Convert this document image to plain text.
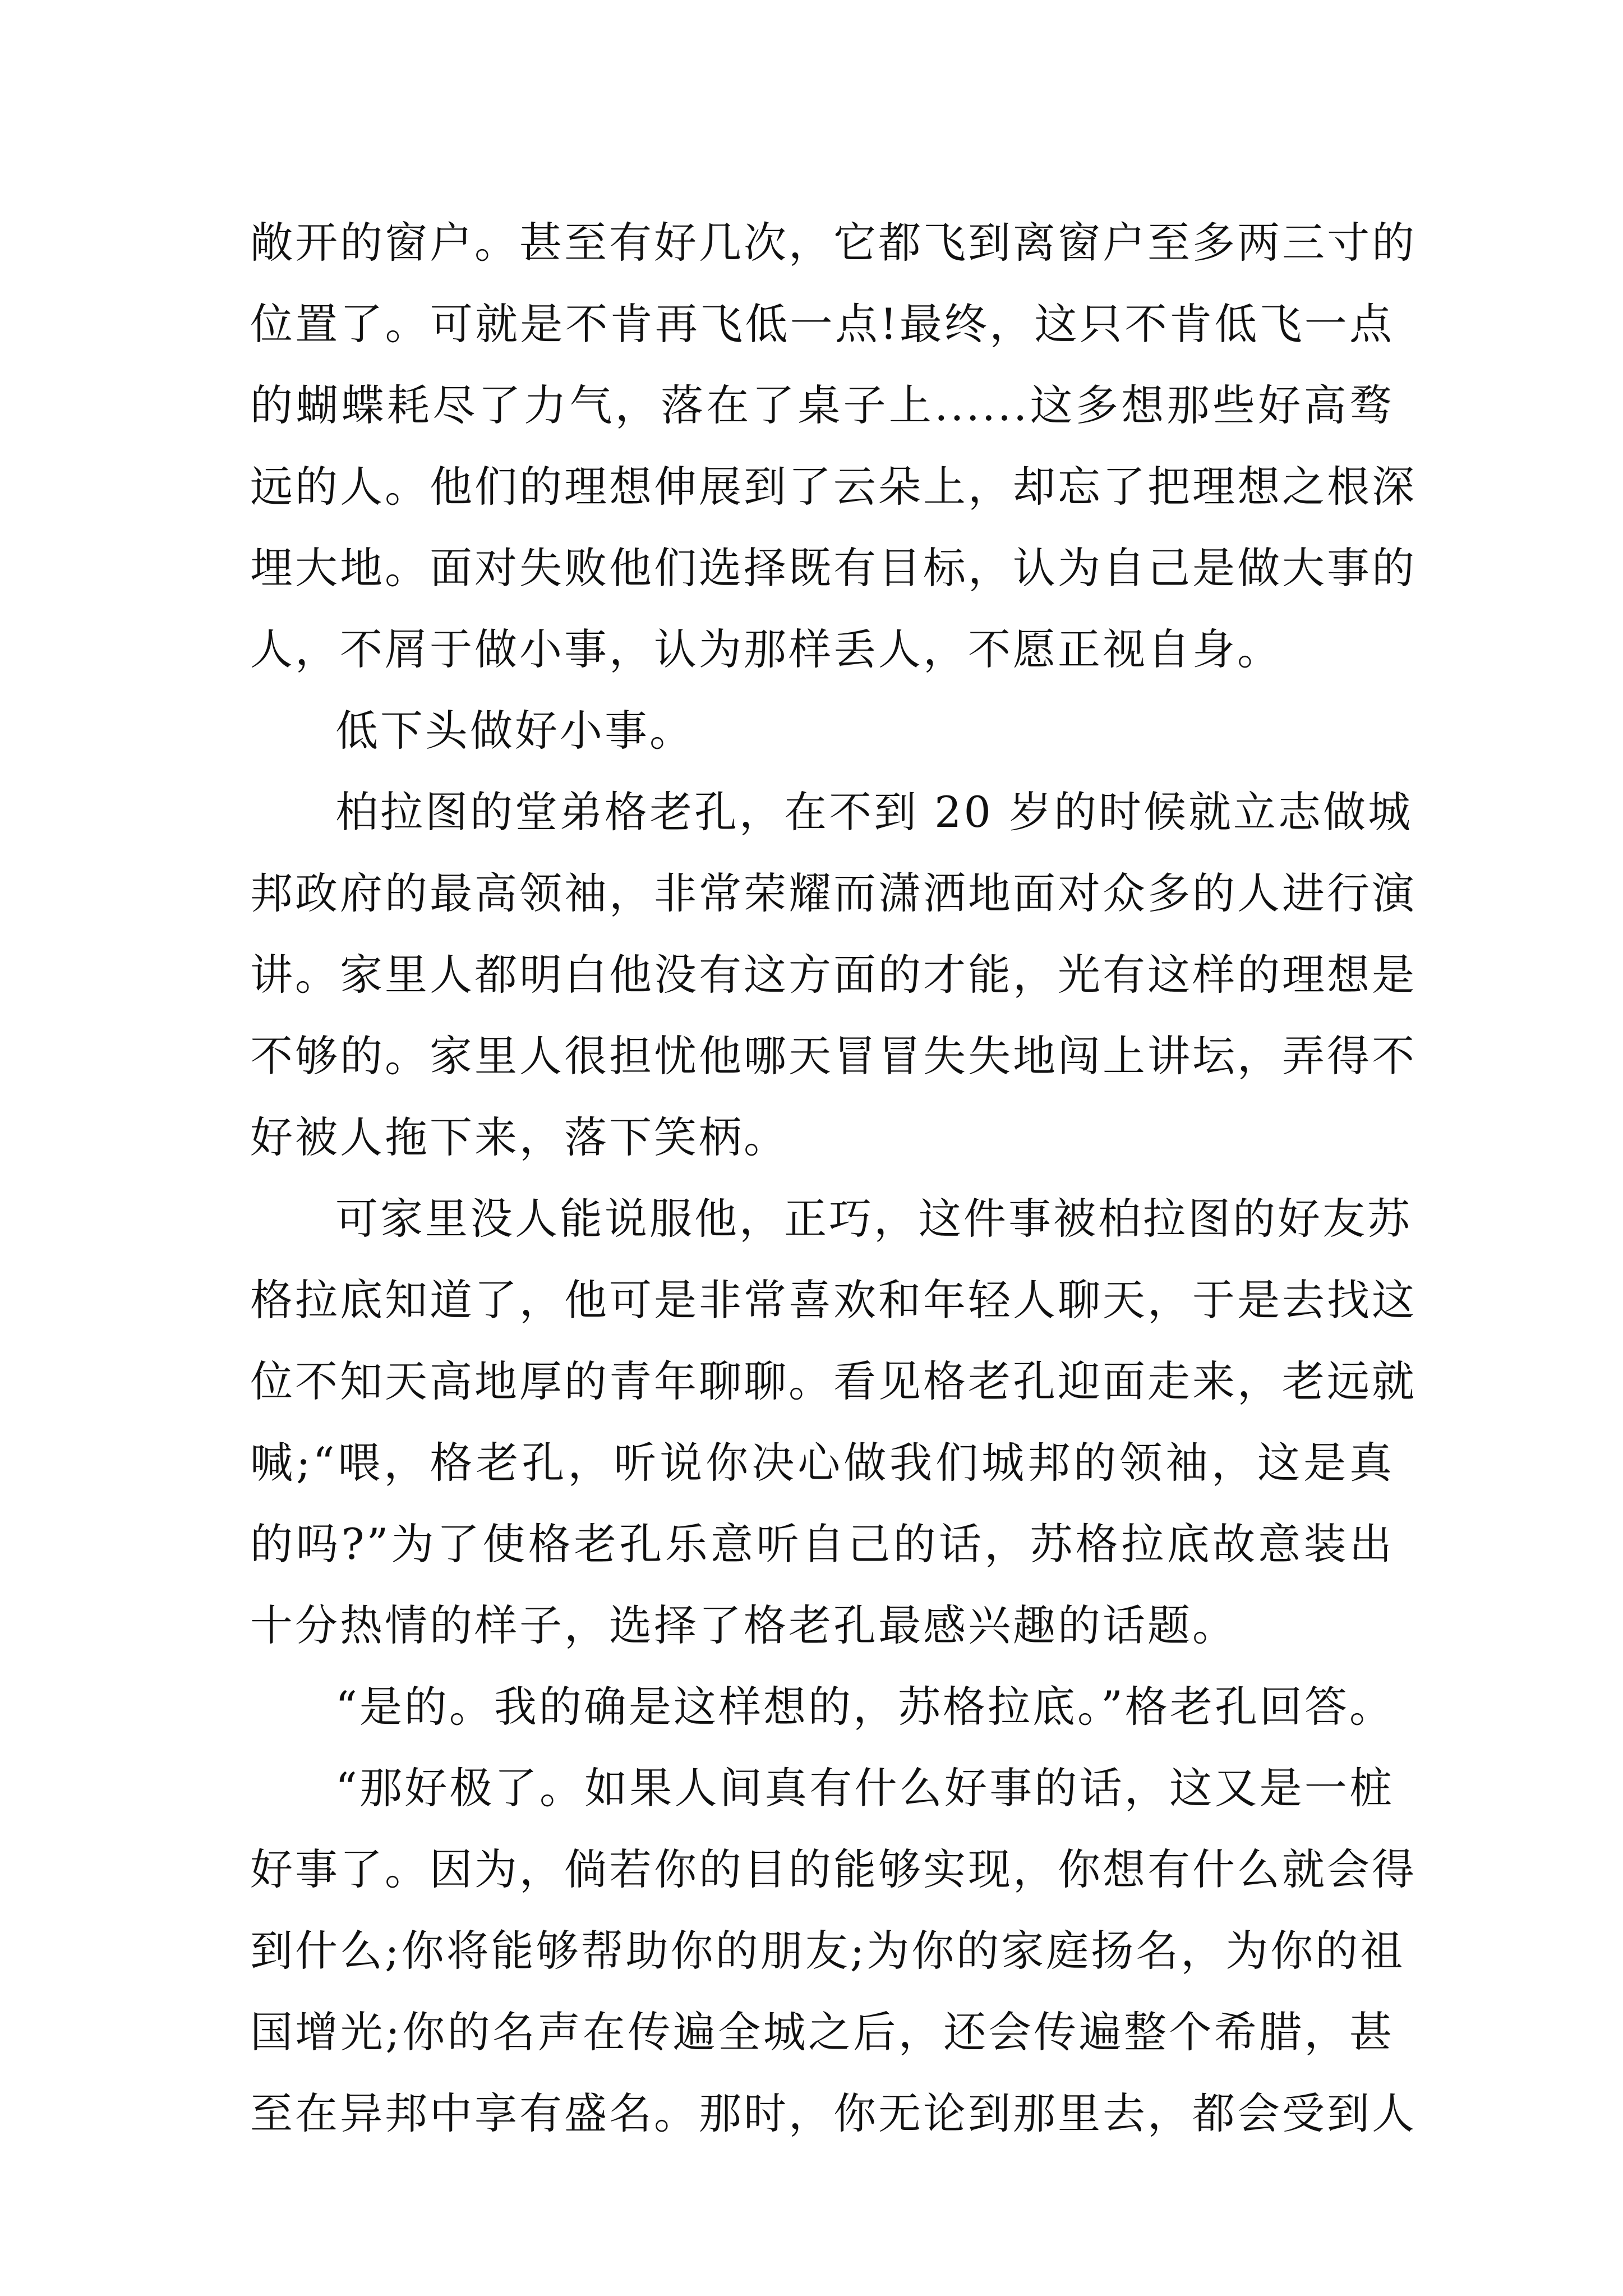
敞开的窗户。甚至有好几次，它都飞到离窗户至多两三寸的
位置了。可就是不肯再飞低一点!最终，这只不肯低飞一点
的蝴蝶耗尽了力气，落在了桌子上......这多想那些好高骛
远的人。他们的理想伸展到了云朵上，却忘了把理想之根深
埋大地。面对失败他们选择既有目标，认为自己是做大事的
人，不屑于做小事，认为那样丢人，不愿正视自身。
低下头做好小事。
柏拉图的堂弟格老孔，在不到 20 岁的时候就立志做城
邦政府的最高领袖，非常荣耀而潇洒地面对众多的人进行演
讲。家里人都明白他没有这方面的才能，光有这样的理想是
不够的。家里人很担忧他哪天冒冒失失地闯上讲坛，弄得不
好被人拖下来，落下笑柄。
可家里没人能说服他，正巧，这件事被柏拉图的好友苏
格拉底知道了，他可是非常喜欢和年轻人聊天，于是去找这
位不知天高地厚的青年聊聊。看见格老孔迎面走来，老远就
喊;“喂，格老孔，听说你决心做我们城邦的领袖，这是真
的吗?”为了使格老孔乐意听自己的话，苏格拉底故意装出
十分热情的样子，选择了格老孔最感兴趣的话题。
“是的。我的确是这样想的，苏格拉底。”格老孔回答。
“那好极了。如果人间真有什么好事的话，这又是一桩
好事了。因为，倘若你的目的能够实现，你想有什么就会得
到什么;你将能够帮助你的朋友;为你的家庭扬名，为你的祖
国增光;你的名声在传遍全城之后，还会传遍整个希腊，甚
至在异邦中享有盛名。那时，你无论到那里去，都会受到人
